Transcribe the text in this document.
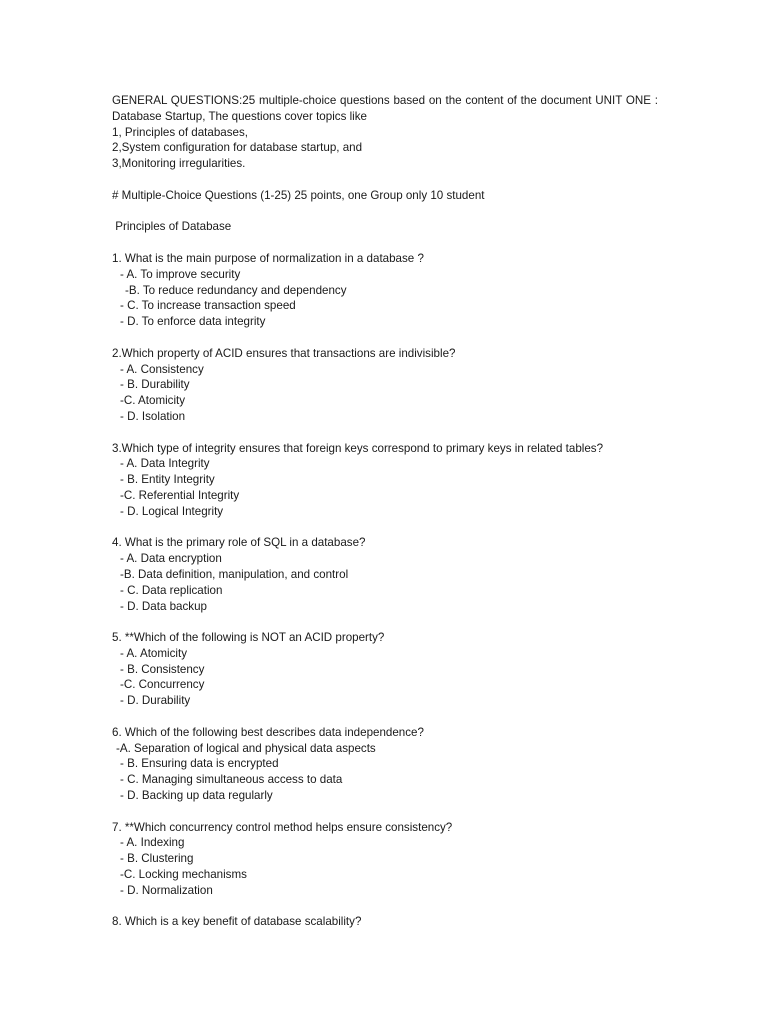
GENERAL QUESTIONS:25 multiple-choice questions based on the content of the document UNIT ONE :
Database Startup, The questions cover topics like
1, Principles of databases,
2,System configuration for database startup, and
3,Monitoring irregularities.
# Multiple-Choice Questions (1-25) 25 points, one Group only 10 student
Principles of Database
1. What is the main purpose of normalization in a database ?
- A. To improve security
-B. To reduce redundancy and dependency
- C. To increase transaction speed
- D. To enforce data integrity
2.Which property of ACID ensures that transactions are indivisible?
- A. Consistency
- B. Durability
-C. Atomicity
- D. Isolation
3.Which type of integrity ensures that foreign keys correspond to primary keys in related tables?
- A. Data Integrity
- B. Entity Integrity
-C. Referential Integrity
- D. Logical Integrity
4. What is the primary role of SQL in a database?
- A. Data encryption
-B. Data definition, manipulation, and control
- C. Data replication
- D. Data backup
5. **Which of the following is NOT an ACID property?
- A. Atomicity
- B. Consistency
-C. Concurrency
- D. Durability
6. Which of the following best describes data independence?
-A. Separation of logical and physical data aspects
- B. Ensuring data is encrypted
- C. Managing simultaneous access to data
- D. Backing up data regularly
7. **Which concurrency control method helps ensure consistency?
- A. Indexing
- B. Clustering
-C. Locking mechanisms
- D. Normalization
8. Which is a key benefit of database scalability?
